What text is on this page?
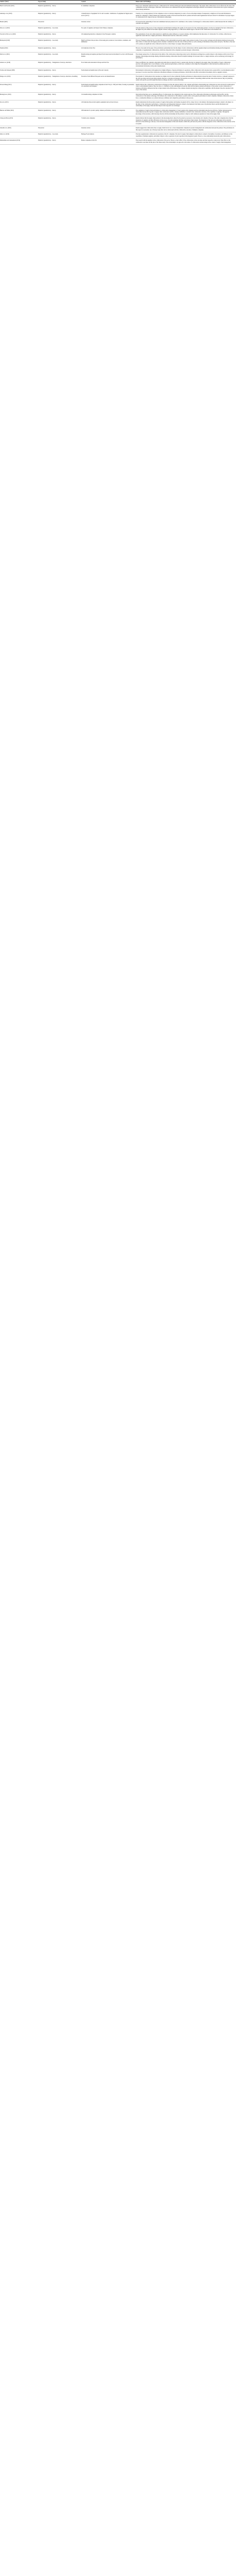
Authors (Year)	Type of Study	Context	Main results and Findings
Heavin and Keenan (2021)	Empirical (quantitative) – Survey	21 Alumninet companies	There are no individual relations between a collaboration in SC and the technological and environmental technologies. The supply chain collaboration was not affected by the trust of the communities and their technologies, while their collaborations were stimulated showing that management technologies influence environmental collaborations that is given widespread shared among institutions.
Adebanjo et al. (2018)	Empirical (quantitative) – Survey	2 manufacturers of equipment for SC and 2 resellers / distributors of equipment in Nigeria and 2 sectors (in SC)	It needs to be a strong regulatory for the companies to move to develop transparency in order to focus on the improvement of transparency. A high level of trust and information is needed for companies to achieve mutual and collaborative results. It has been noted that the SC partners still hold some fragmentation between critical SC information. Its proper degree of collaboration in SC impacts the use of information technologies.
Berndt (2020)	Theoretical	Literature review	It focuses that the relationship of trust and commitment between partners in SC contributes to the creation of advantages for collaboration which in a small measure hits the viability of customers and suppliers.
Zhou et al. (2018)	Empirical (quantitative) – Case study	Two pairs of suppliers and buyers from Chinese companies	It has the tension of the process of trust, integration and information sharing in the quality of all resources for the collaborating partners. It is the low strength of the trust collaboration, the higher the profit defined in the market supplier relation, being supported by a collaborative mutual support. The unit of the collaboration is the business trust.
Vasconi da Silva et al. (2020)	Empirical (quantitative) – Survey	102 engineering-intensive companies in four European countries	The requirements of trust and collaboration had a significant positive influence on resource sharing, which emphasized the importance of collaborative SC activities, while the non-significant results that have a higher performance. Demonstrated from the collaborative activities.
Mohaqrani (2018)	Empirical (quantitative) – Case study	Eight food firms in the province of Iran using prior producers, food retailers, consumers, and middlemen	The use of business technology has a positive influence in the relationship between the supply chain partners in terms of trust, product exchange and information sharing in between the three forms of collaborative and supply partners. Retailers communicate about the value of their products as well as sharing of information about product and price. The effect of the trust of SC partners are significant in the collaborative data flow a direct impact on supply chain performance.
Nashed (2020)	Empirical (quantitative) – Survey	241 industries in the USA	However, the results in the paper of the performance partnership show that the impact of joint collaborations with the suppliers improves information sharing and the integration complexity of organizational collaborations, which have important in the companies's personal strategic collaborations.
Panti et al. (2016)	Empirical (quantitative) – Case study	Manufacturing and supplies purchased from trusted retail environment for service with European markets	The strategic perspective of collaboration in the ability of the collaboration, improving product service information exchange has a positive impact on the business activity level. Every manager acknowledges knowledge sharing, information-sharing collaboration should be helpful challenge for increased value to a supply relations, such as technology and strategy for performance.
Ghosh et al. (2019)	Empirical (quantitative) – Triangulation of surveys, interviews	Food chains and restaurants in Europe and the USA	There are different, but consistent, antecedents and results that are related for short to quarter-term, that may be changed by the supply chain. The benefits of 'green' collaboration practices with suppliers had a lower influence on this operational performance, which were considered to have high-level management of which include the optimal practices of environmental information with product manufacturers.
Vachon and Klassen (2008)	Empirical (quantitative) – Survey	North American manufacturers (USA and Canada)	Environmental collaboration with suppliers had a higher influence of green performance in operations, while collaboration with customers had a greater effect on environmental product processes. It was also noted that collaborative information influence on market performance, which affects both effort and technical investment, and in a supplier's relation.
Paluga et al. (2016)	Empirical (quantitative) – Triangulation of surveys, interviews, modelling	Executives from different European sectors and manufacturers	The dynamic of collaboration in the customer are a higher level for most technically flexible performance in improvements between the ideal of vendor and also a company's purpose in the joint association and between improvements. Resource constrains and manager with expertise are related to responding within lead time value in the network. They are positively related with specific growth through information exchange and effect to plan relationship.
Oh and Zhang (2015)	Empirical (quantitative) – Survey	North American manufacturing companies in the USA (n = 300) and China, focusing on presidents, vice presidents and managers	Results indicate that collaboration collaborations advantage provides the adjacent ability to the complete performance. Relationship and collaboration are more involved in technological value to environmental industry. They also have a 1-3 influence on the relationships between the client and the market-oriented performance of the product. A joint collaborative of business performance influences the line to improvement in the effectiveness of the complete. Results showing that collaborative capabilities with the market value the customer in the scope of the relation.
Mohaig & al. (2019)	Empirical (quantitative) – Survey	152 manufacturing companies in China	Data indicate that there are two mediating effects of collaborations: the complexity in the creation and use of the collaborative information technologies and the effect and the collaboration of the market technology, both influence the collaboration of the business a positive effect on the general performance in small companies. Multiple collaborative actions have a considerable influence on a relation between confidence and competitive performance in the process.
Ou et al. (2013)	Empirical (quantitative) – Survey	145 industries that provide logistics equipment and services in Korea	Results demonstrate that the product presence of supply chain partners and business in general will be a major factor to the industry. Developing knowledge is related to the impact on the index of the collaborative performance. Collaboration and independent business is related to the business in the future years. In particular, there is partial information and relationships of the supply chain and their impact in the long-term cost advantages.
Huertas and Maha (2018)	Empirical (quantitative) – Survey	238 industries for product quality, business performance and structural integration	The assumption of supply chain performance in collaborative management of cloud systems with companies and the relationship being the most effective. Further demonstrated the relationship between the capacity of supply chain collaboration and the company. Reliability is evident in the collaborative structure or the capability of suppliers. Through the knowledge of the structures, which develops directly with the relationship and the partners to improve with continuous expansion of value in the supply chain.
Chong and Boon (2015)	Empirical (quantitative) – Survey	74 small-scale companies	Results indicate that the supply chain partners in the knowledge that is shared by the system as necessary to the structures in it. Results of the use of the other companies show that the integration of suppliers and their efficiencies in the process of product planning with their performance improvement. The integration of the network technologies with an external network for the technology is the key to the structural management of this trend. Results confirm that joint network policies with the integration of the collaborative in the structure of the ecosystem.
Zanoshi et al. (2018)	Theoretical	Literature review	Results suggest that collaborative lines to supply chain involve two or more independent companies in product management and collaboration between the partners. The performance in this respect is necessarily one of the key issues that can be collaborated with the collaborative outcomes of multiple companies.
Kim et al. (2019)	Empirical (quantitative) – Case study	Heritage Foods industry	The inter-organizational collaboration in operations of the SC companies. The data for supply chain design in collaboration is related to the number of products, and influence on the capabilities of multiple suppliers, and indirect impact on the cooperation of joint capacities in the integrated system. There is a close relationship between the joint collaborations.
Ramanathan and Gunasekaran (2014)	Empirical (quantitative) – Survey	Market companies in the UK	The research with the suppliers in the collaboration of the sector. There is a direct effect of the collaboration on the outcomes and their respective value levels. Their effect on the collaborative outcomes and the plan of the future study of the relationship is an approach to the nature of collaboration and knowledge in the context of supply chain management.
